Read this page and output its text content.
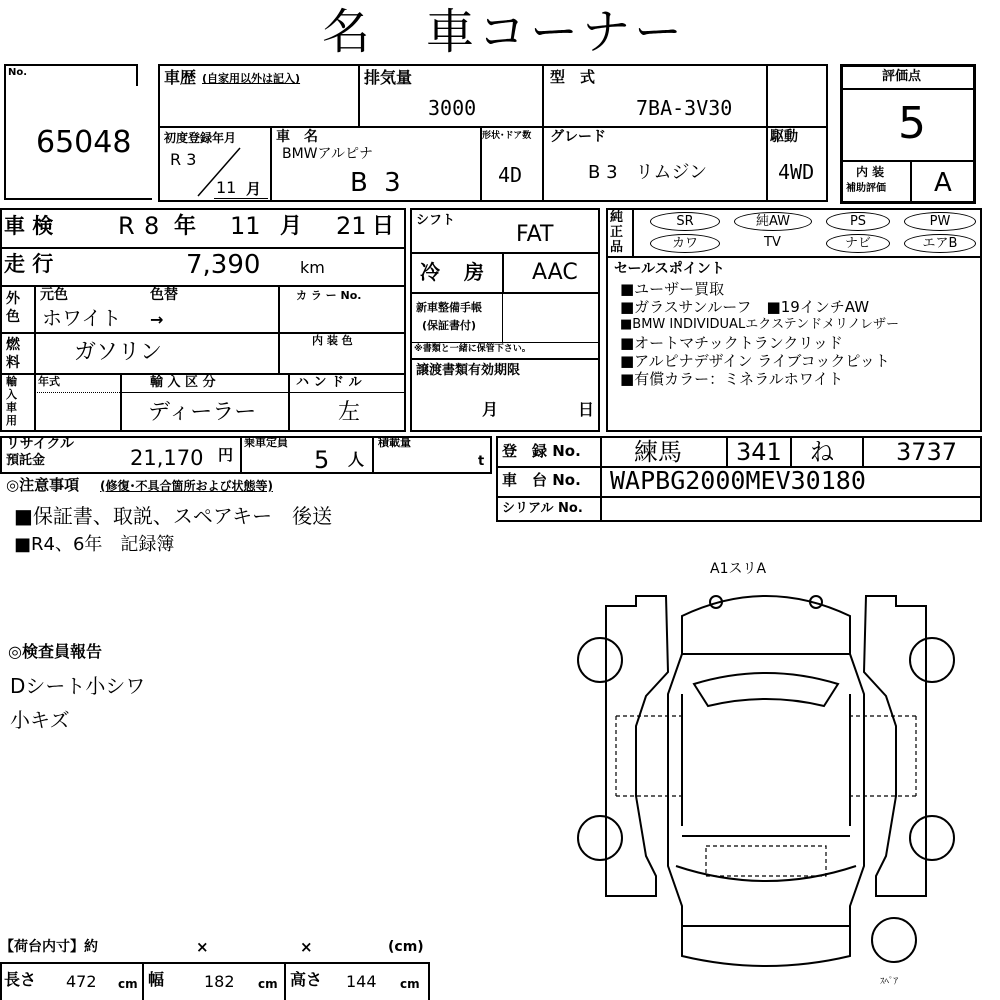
名　車コーナー
No.
65048
車歴 (自家用以外は記入)	排気量
3000
型　式
7BA-3V30
初度登録年月
R 3
11 月
車　名
BMWアルピナ
B 3
形状･ドア数
4D
グレード
B 3　リムジン
駆動
4WD
評価点
5
内 装
補助評価 A
車 検	R 8 年 11 月 21 日
走 行	7,390 km
外色
元色	色替
ホワイト →
カ ラ ー No.
燃料	ガソリン	内 装 色
輸入車用
年式	輸 入 区 分
ディーラー
ハ ン ド ル
左
シフト
FAT
冷　房 AAC
新車整備手帳
(保証書付)
※書類と一緒に保管下さい。
譲渡書類有効期限
月	日
純正品
SR	純AW	PS	PW
カワ	TV	ナビ	エアB
セールスポイント
■ユーザー買取
■ガラスサンルーフ　■19インチAW
■BMW INDIVIDUALエクステンドメリノレザー
■オートマチックトランクリッド
■アルピナデザイン ライブコックピット
■有償カラー：ミネラルホワイト
リサイクル
預託金	21,170 円
乗車定員
5 人
積載量
t
登　録 No. 練馬 341 ね	3737
車　台 No. WAPBG2000MEV30180
シリアル No.
◎注意事項 (修復･不具合箇所および状態等)
■保証書、取説、スペアキー　後送
■R4、6年　記録簿
◎検査員報告
Dシート小シワ
小キズ
A1スリA
ｽﾍﾟｱ
【荷台内寸】約	×	×	(cm)
長さ 472 cm 幅 182 cm 高さ 144 cm
